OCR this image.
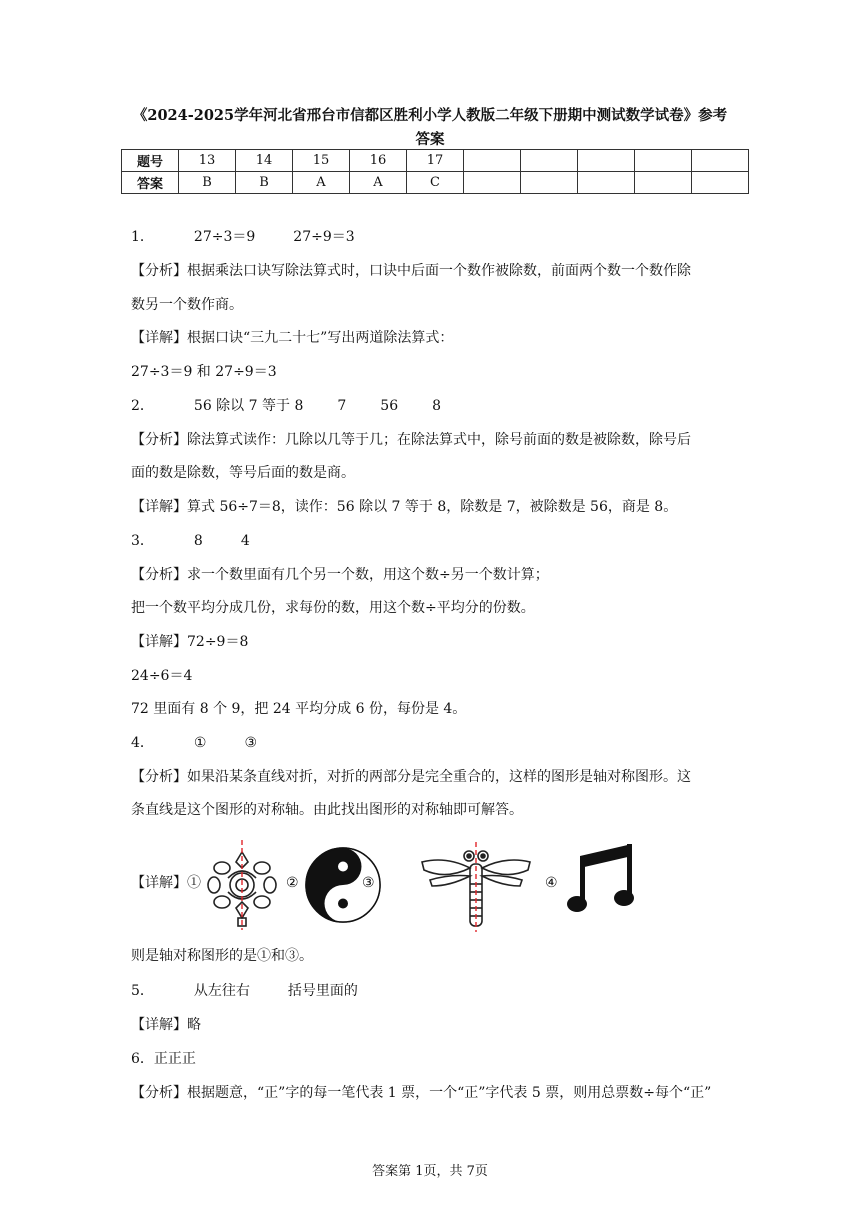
《2024-2025学年河北省邢台市信都区胜利小学人教版二年级下册期中测试数学试卷》参考
答案
题号	13	14	15	16	17					
答案	B	B	A	A	C					
1．	27÷3＝9	27÷9＝3
【分析】根据乘法口诀写除法算式时，口诀中后面一个数作被除数，前面两个数一个数作除
数另一个数作商。
【详解】根据口诀“三九二十七”写出两道除法算式：
27÷3＝9 和 27÷9＝3
2．	56 除以 7 等于 8 7 56 8
【分析】除法算式读作：几除以几等于几；在除法算式中，除号前面的数是被除数，除号后
面的数是除数，等号后面的数是商。
【详解】算式 56÷7＝8，读作：56 除以 7 等于 8，除数是 7，被除数是 56，商是 8。
3．	8	4
【分析】求一个数里面有几个另一个数，用这个数÷另一个数计算；
把一个数平均分成几份，求每份的数，用这个数÷平均分的份数。
【详解】72÷9＝8
24÷6＝4
72 里面有 8 个 9，把 24 平均分成 6 份，每份是 4。
4．	①	③
【分析】如果沿某条直线对折，对折的两部分是完全重合的，这样的图形是轴对称图形。这
条直线是这个图形的对称轴。由此找出图形的对称轴即可解答。
【详解】①	②	③	④
则是轴对称图形的是①和③。
5．	从左往右	括号里面的
【详解】略
6．正正正
【分析】根据题意，“正”字的每一笔代表 1 票，一个“正”字代表 5 票，则用总票数÷每个“正”
答案第 1页，共 7页
